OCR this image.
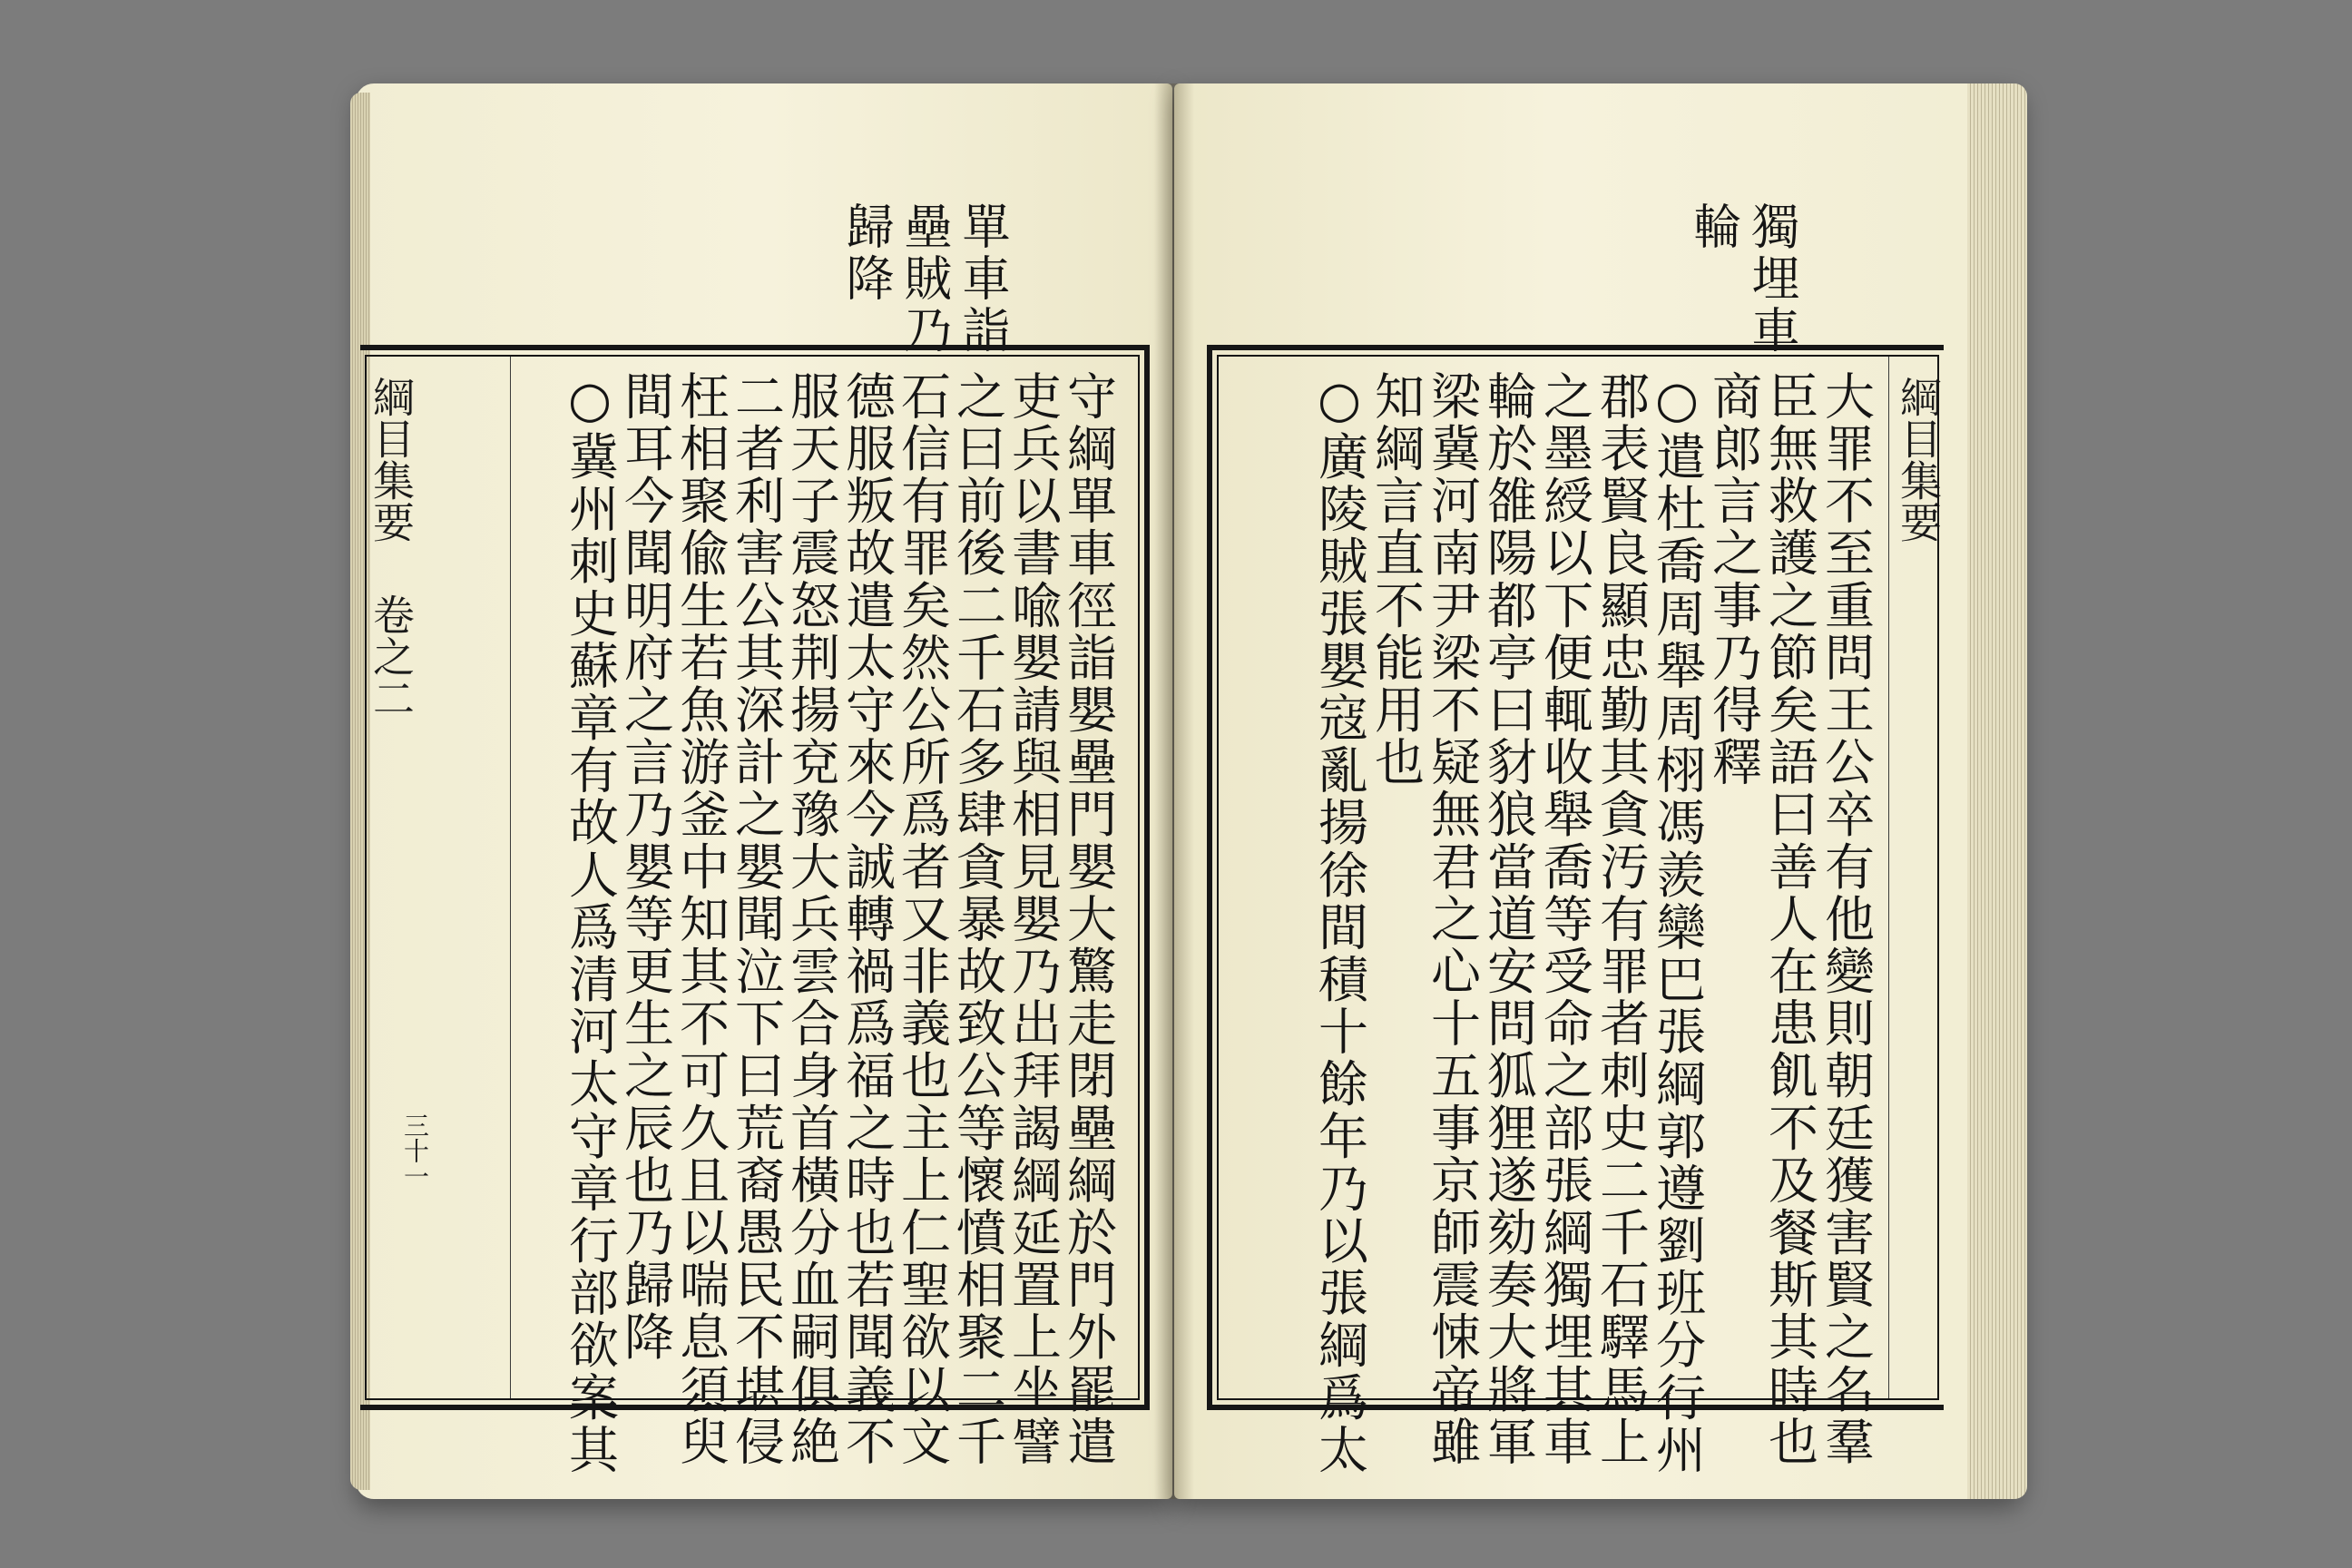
單車詣
壘賊乃
歸降
守綱單車徑詣嬰壘門嬰大驚走閉壘綱於門外罷遣
吏兵以書喩嬰請與相見嬰乃出拜謁綱延置上坐譬
之曰前後二千石多肆貪暴故致公等懷憤相聚二千
石信有罪矣然公所爲者又非義也主上仁聖欲以文
德服叛故遣太守來今誠轉禍爲福之時也若聞義不
服天子震怒荆揚兗豫大兵雲合身首橫分血嗣俱絶
二者利害公其深計之嬰聞泣下曰荒裔愚民不堪侵
枉相聚偸生若魚游釜中知其不可久且以喘息須臾
間耳今聞明府之言乃嬰等更生之辰也乃歸降
○冀州刺史蘇章有故人爲清河太守章行部欲案其
綱目集要
卷之二
三十一
獨埋車
輪
綱目集要
大罪不至重問王公卒有他變則朝廷獲害賢之名羣
臣無救護之節矣語曰善人在患飢不及餐斯其時也
商郎言之事乃得釋
○遣杜喬周舉周栩馮羨欒巴張綱郭遵劉班分行州
郡表賢良顯忠勤其貪汚有罪者刺史二千石驛馬上
之墨綬以下便輒收舉喬等受命之部張綱獨埋其車
輪於雒陽都亭曰豺狼當道安問狐狸遂劾奏大將軍
梁冀河南尹梁不疑無君之心十五事京師震悚帝雖
知綱言直不能用也
○廣陵賊張嬰寇亂揚徐間積十餘年乃以張綱爲太
